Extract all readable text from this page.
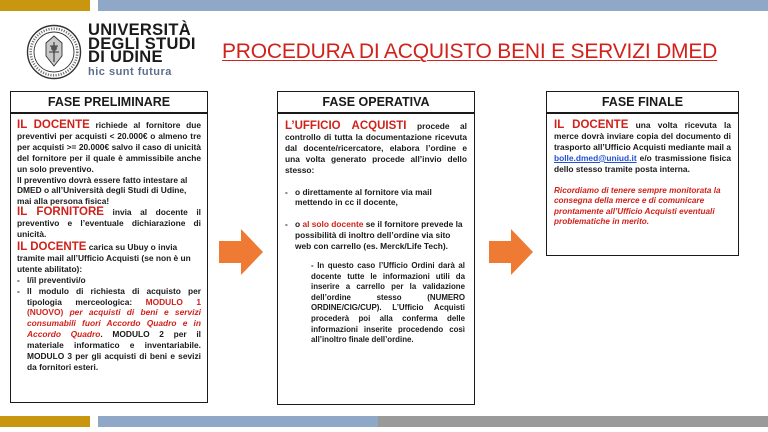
UNIVERSITÀ
DEGLI STUDI
DI UDINE
hic sunt futura
PROCEDURA DI ACQUISTO BENI E SERVIZI DMED
FASE PRELIMINARE
IL DOCENTE richiede al fornitore due preventivi per acquisti < 20.000€ o almeno tre per acquisti >= 20.000€ salvo il caso di unicità del fornitore per il quale è ammissibile anche un solo preventivo.
Il preventivo dovrà essere fatto intestare al DMED o all’Università degli Studi di Udine, mai alla persona fisica!
IL FORNITORE invia al docente il preventivo e l’eventuale dichiarazione di unicità.
IL DOCENTE carica su Ubuy o invia tramite mail all’Ufficio Acquisti (se non è un utente abilitato):
- I/il preventivi/o
- Il modulo di richiesta di acquisto per tipologia merceologica: MODULO 1 (NUOVO) per acquisti di beni e servizi consumabili fuori Accordo Quadro e in Accordo Quadro. MODULO 2 per il materiale informatico e inventariabile. MODULO 3 per gli acquisti di beni e sevizi da fornitori esteri.
FASE OPERATIVA
L’UFFICIO ACQUISTI procede al controllo di tutta la documentazione ricevuta dal docente/ricercatore, elabora l’ordine e una volta generato procede all’invio dello stesso:
- o direttamente al fornitore via mail mettendo in cc il docente,
- o al solo docente se il fornitore prevede la possibilità di inoltro dell’ordine via sito web con carrello (es. Merck/Life Tech).
- In questo caso l’Ufficio Ordini darà al docente tutte le informazioni utili da inserire a carrello per la validazione dell’ordine stesso (NUMERO ORDINE/CIG/CUP). L’Ufficio Acquisti procederà poi alla conferma delle informazioni inserite procedendo così all’inoltro finale dell’ordine.
FASE FINALE
IL DOCENTE una volta ricevuta la merce dovrà inviare copia del documento di trasporto all’Ufficio Acquisti mediante mail a bolle.dmed@uniud.it e/o trasmissione fisica dello stesso tramite posta interna.
Ricordiamo di tenere sempre monitorata la consegna della merce e di comunicare prontamente all’Ufficio Acquisti eventuali problematiche in merito.
